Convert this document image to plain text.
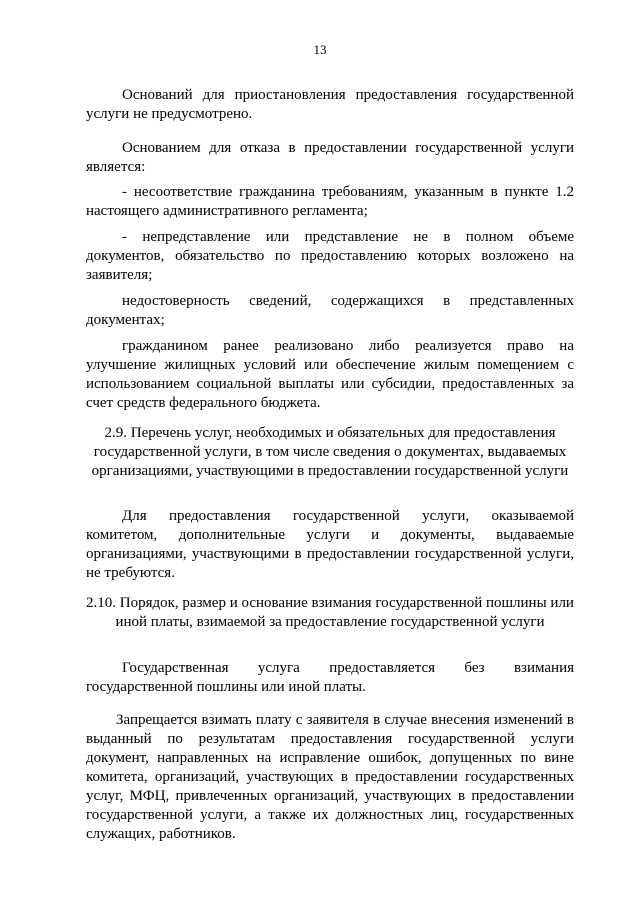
13

Оснований для приостановления предоставления государственной услуги не предусмотрено.

Основанием для отказа в предоставлении государственной услуги является:

- несоответствие гражданина требованиям, указанным в пункте 1.2 настоящего административного регламента;

- непредставление или представление не в полном объеме документов, обязательство по предоставлению которых возложено на заявителя;

недостоверность сведений, содержащихся в представленных документах;

гражданином ранее реализовано либо реализуется право на улучшение жилищных условий или обеспечение жилым помещением с использованием социальной выплаты или субсидии, предоставленных за счет средств федерального бюджета.

2.9. Перечень услуг, необходимых и обязательных для предоставления государственной услуги, в том числе сведения о документах, выдаваемых организациями, участвующими в предоставлении государственной услуги

Для предоставления государственной услуги, оказываемой комитетом, дополнительные услуги и документы, выдаваемые организациями, участвующими в предоставлении государственной услуги, не требуются.

2.10. Порядок, размер и основание взимания государственной пошлины или иной платы, взимаемой за предоставление государственной услуги

Государственная услуга предоставляется без взимания государственной пошлины или иной платы.

Запрещается взимать плату с заявителя в случае внесения изменений в выданный по результатам предоставления государственной услуги документ, направленных на исправление ошибок, допущенных по вине комитета, организаций, участвующих в предоставлении государственных услуг, МФЦ, привлеченных организаций, участвующих в предоставлении государственной услуги, а также их должностных лиц, государственных служащих, работников.
